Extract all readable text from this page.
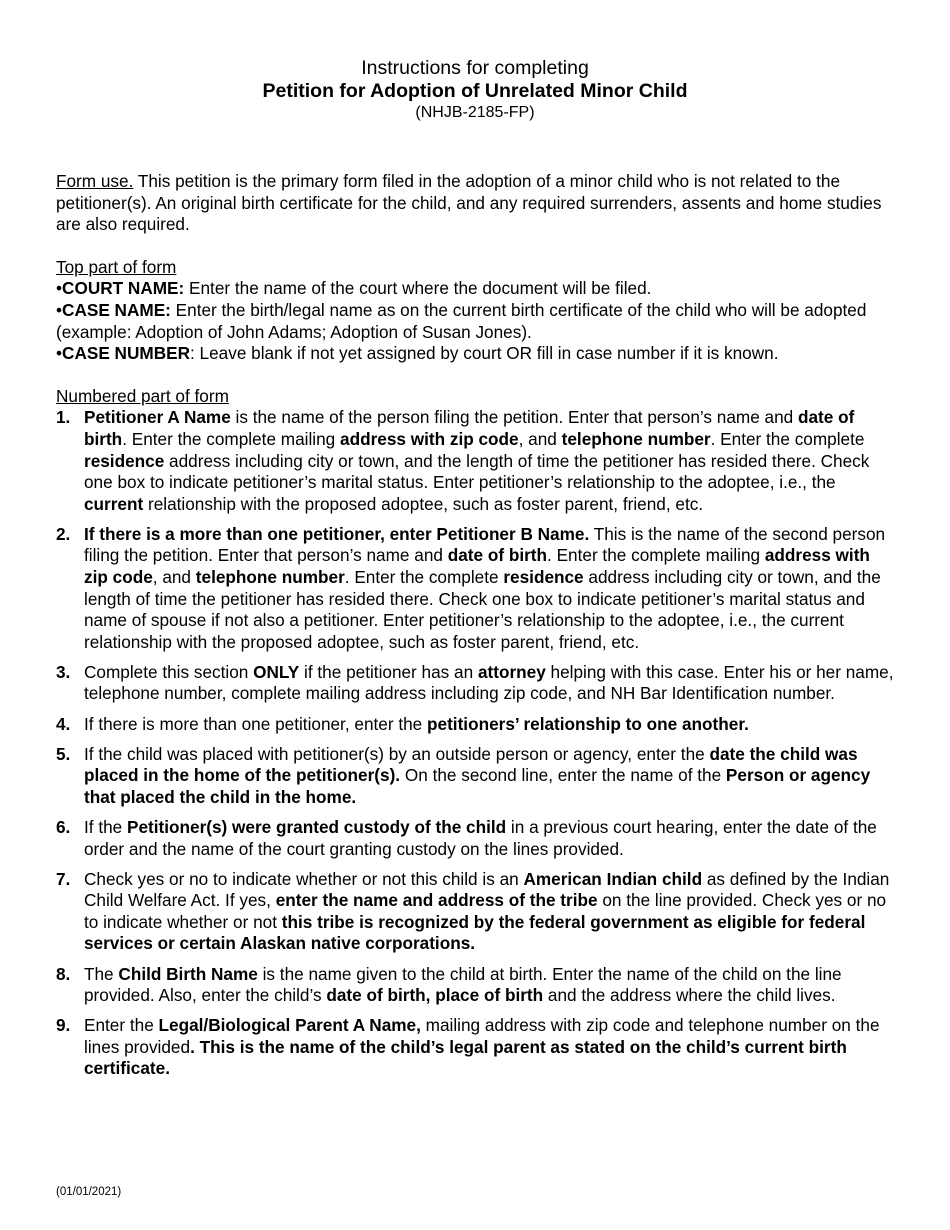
Instructions for completing
Petition for Adoption of Unrelated Minor Child
(NHJB-2185-FP)

Form use. This petition is the primary form filed in the adoption of a minor child who is not related to the petitioner(s). An original birth certificate for the child, and any required surrenders, assents and home studies are also required.

Top part of form
•COURT NAME: Enter the name of the court where the document will be filed.
•CASE NAME: Enter the birth/legal name as on the current birth certificate of the child who will be adopted (example: Adoption of John Adams; Adoption of Susan Jones).
•CASE NUMBER: Leave blank if not yet assigned by court OR fill in case number if it is known.
Numbered part of form
1. Petitioner A Name is the name of the person filing the petition. Enter that person’s name and date of birth. Enter the complete mailing address with zip code, and telephone number. Enter the complete residence address including city or town, and the length of time the petitioner has resided there. Check one box to indicate petitioner’s marital status. Enter petitioner’s relationship to the adoptee, i.e., the current relationship with the proposed adoptee, such as foster parent, friend, etc.
2. If there is a more than one petitioner, enter Petitioner B Name. This is the name of the second person filing the petition. Enter that person’s name and date of birth. Enter the complete mailing address with zip code, and telephone number. Enter the complete residence address including city or town, and the length of time the petitioner has resided there. Check one box to indicate petitioner’s marital status and name of spouse if not also a petitioner. Enter petitioner’s relationship to the adoptee, i.e., the current relationship with the proposed adoptee, such as foster parent, friend, etc.
3. Complete this section ONLY if the petitioner has an attorney helping with this case. Enter his or her name, telephone number, complete mailing address including zip code, and NH Bar Identification number.
4. If there is more than one petitioner, enter the petitioners’ relationship to one another.
5. If the child was placed with petitioner(s) by an outside person or agency, enter the date the child was placed in the home of the petitioner(s). On the second line, enter the name of the Person or agency that placed the child in the home.
6. If the Petitioner(s) were granted custody of the child in a previous court hearing, enter the date of the order and the name of the court granting custody on the lines provided.
7. Check yes or no to indicate whether or not this child is an American Indian child as defined by the Indian Child Welfare Act. If yes, enter the name and address of the tribe on the line provided. Check yes or no to indicate whether or not this tribe is recognized by the federal government as eligible for federal services or certain Alaskan native corporations.
8. The Child Birth Name is the name given to the child at birth. Enter the name of the child on the line provided. Also, enter the child’s date of birth, place of birth and the address where the child lives.
9. Enter the Legal/Biological Parent A Name, mailing address with zip code and telephone number on the lines provided. This is the name of the child’s legal parent as stated on the child’s current birth certificate.
(01/01/2021)
